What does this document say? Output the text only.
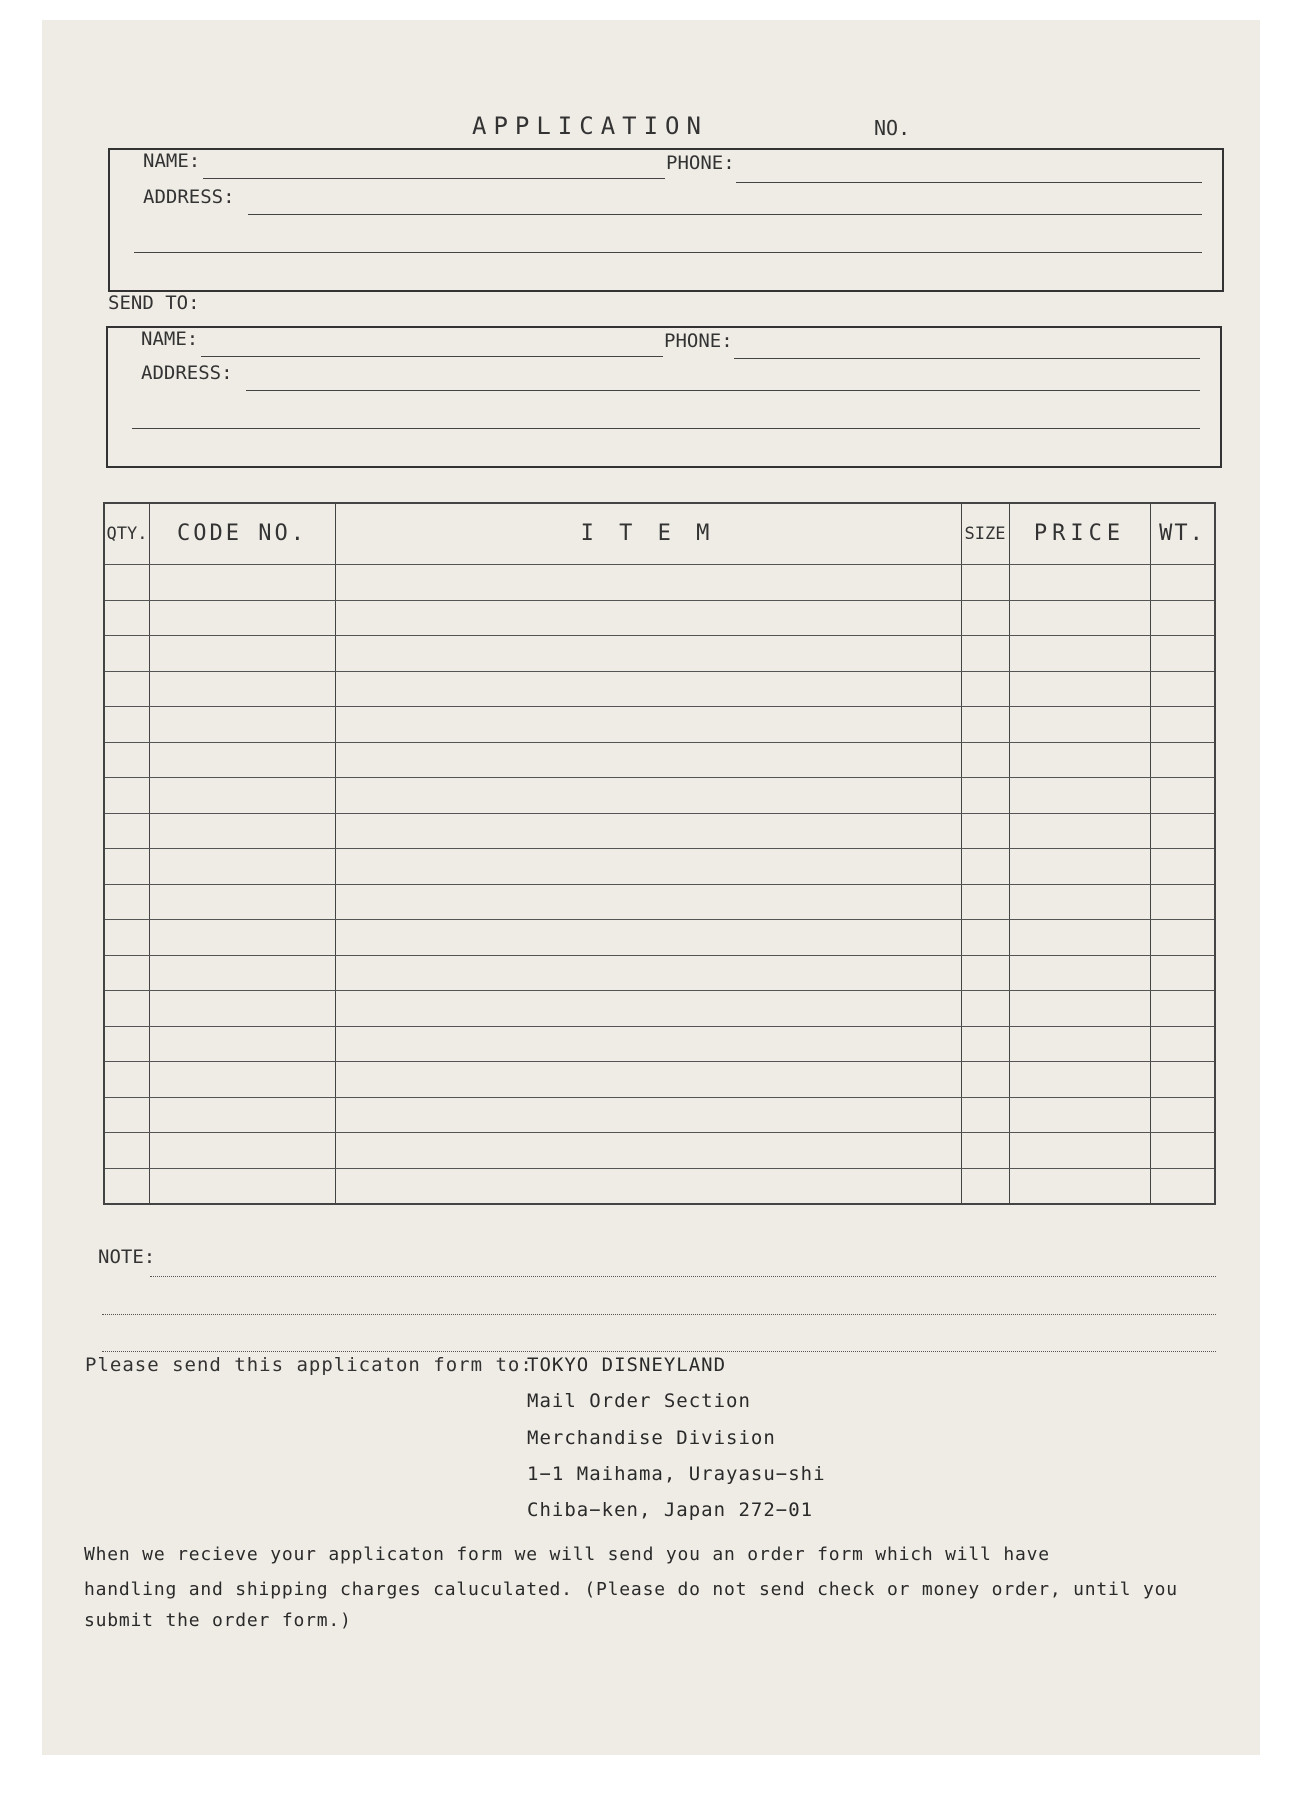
APPLICATION	NO.
NAME:	PHONE:
ADDRESS:
SEND TO:
NAME:	PHONE:
ADDRESS:
QTY.	CODE NO.	I T E M	SIZE	PRICE	WT.
NOTE:
Please send this applicaton form to:
TOKYO DISNEYLAND
Mail Order Section
Merchandise Division
1−1 Maihama, Urayasu−shi
Chiba−ken, Japan 272−01
When we recieve your applicaton form we will send you an order form which will have
handling and shipping charges caluculated. (Please do not send check or money order, until you
submit the order form.)
